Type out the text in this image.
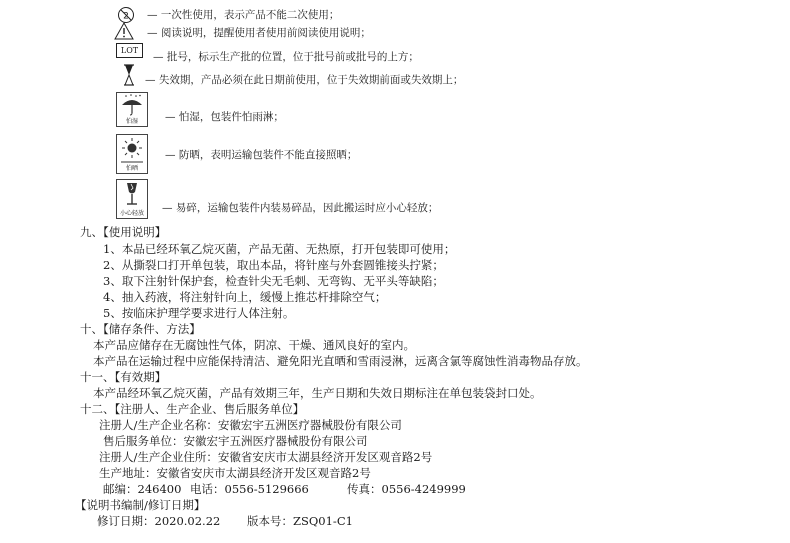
2 — 一次性使用，表示产品不能二次使用；
— 阅读说明，提醒使用者使用前阅读使用说明；
LOT
— 批号，标示生产批的位置，位于批号前或批号的上方；
— 失效期，产品必须在此日期前使用，位于失效期前面或失效期上；
怕湿	— 怕湿，包装件怕雨淋；
怕晒
— 防晒，表明运输包装件不能直接照晒；
小心轻放 — 易碎，运输包装件内装易碎品，因此搬运时应小心轻放；
九、【使用说明】
1、本品已经环氧乙烷灭菌，产品无菌、无热原，打开包装即可使用；
2、从撕裂口打开单包装，取出本品，将针座与外套圆锥接头拧紧；
3、取下注射针保护套，检查针尖无毛刺、无弯钩、无平头等缺陷；
4、抽入药液，将注射针向上，缓慢上推芯杆排除空气；
5、按临床护理学要求进行人体注射。
十、【储存条件、方法】
本产品应储存在无腐蚀性气体，阴凉、干燥、通风良好的室内。
本产品在运输过程中应能保持清洁、避免阳光直晒和雪雨浸淋，远离含氯等腐蚀性消毒物品存放。
十一、【有效期】
本产品经环氧乙烷灭菌，产品有效期三年，生产日期和失效日期标注在单包装袋封口处。
十二、【注册人、生产企业、售后服务单位】
注册人/生产企业名称：安徽宏宇五洲医疗器械股份有限公司
售后服务单位：安徽宏宇五洲医疗器械股份有限公司
注册人/生产企业住所：安徽省安庆市太湖县经济开发区观音路2号
生产地址：安徽省安庆市太湖县经济开发区观音路2号
邮编：246400 电话：0556-5129666	传真：0556-4249999
【说明书编制/修订日期】
修订日期：2020.02.22 版本号：ZSQ01-C1
